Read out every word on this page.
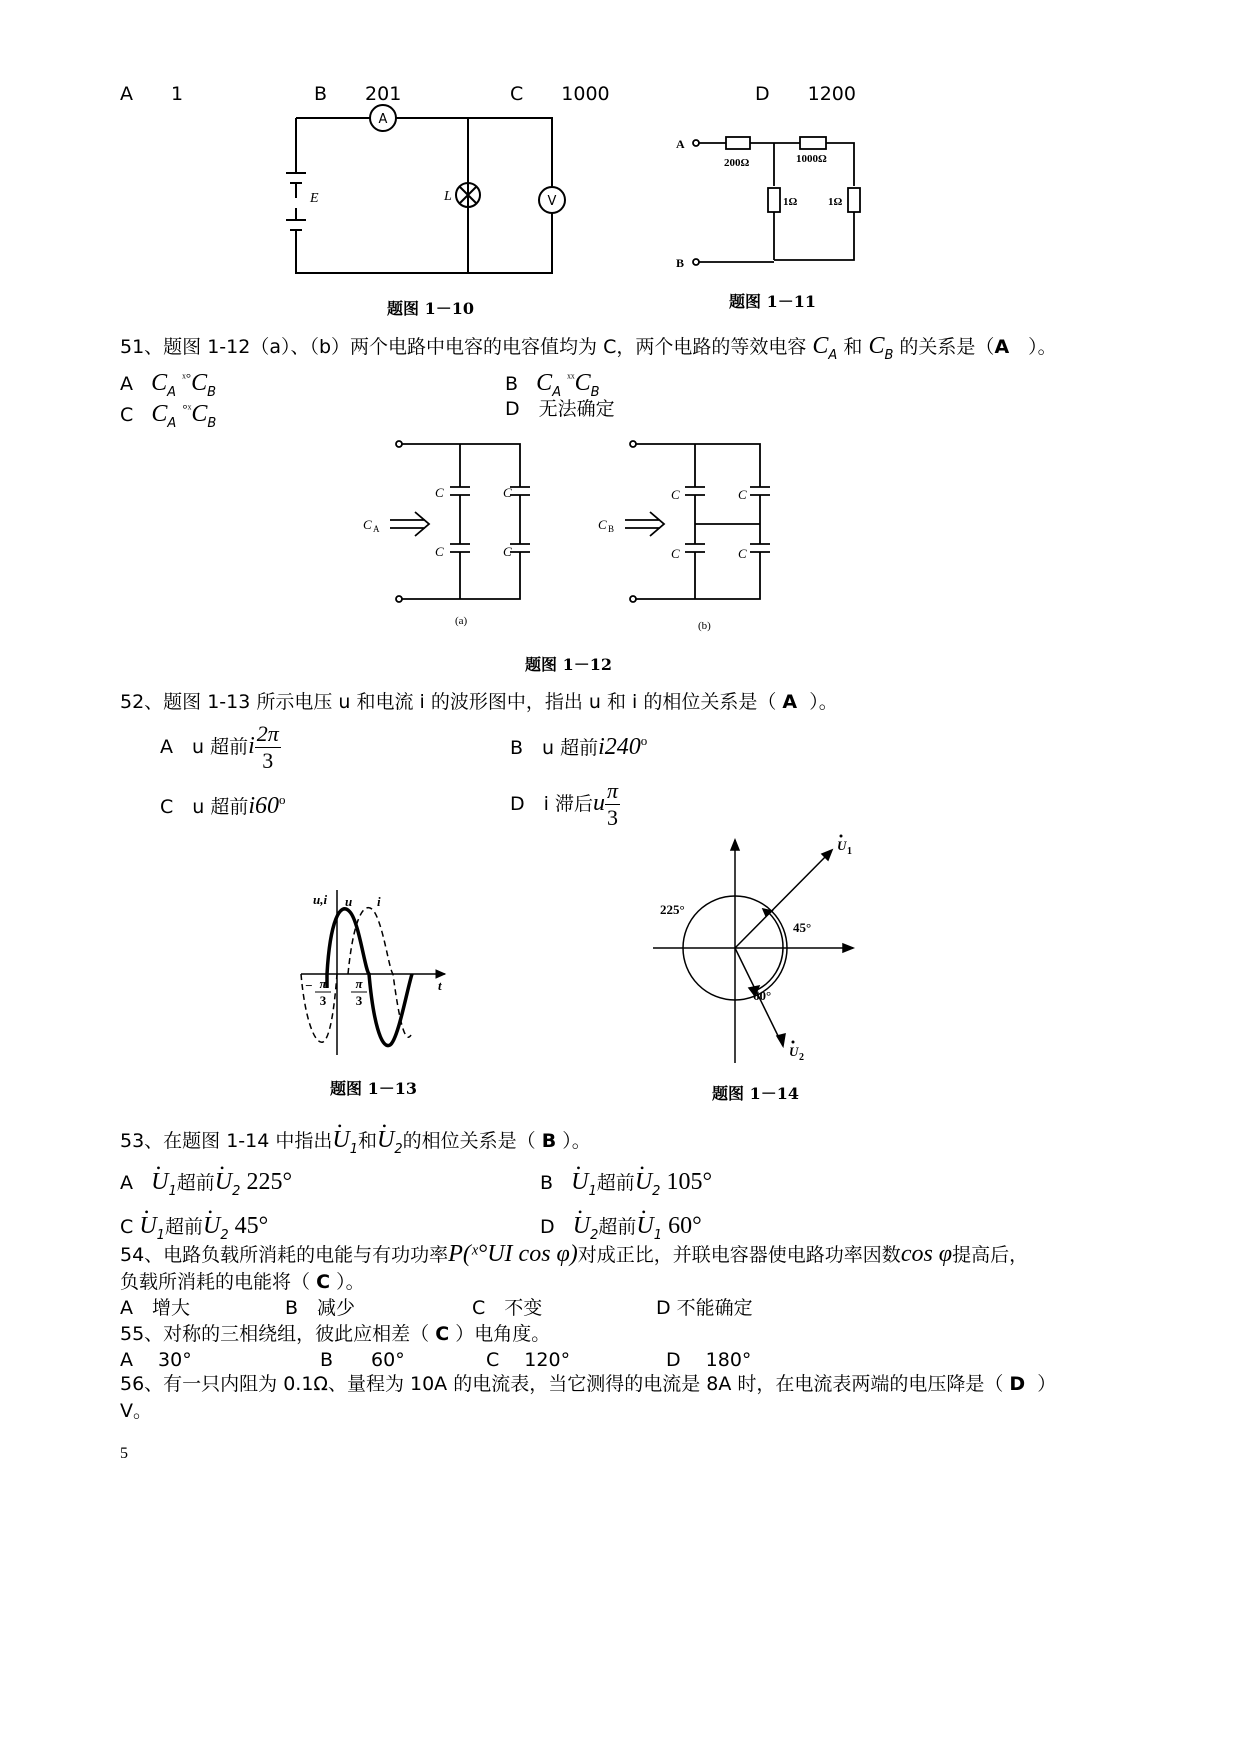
A　　1	B　　201	C　　1000	D　　1200
A
V
E	L
题图 1－10
A
B
200Ω	1000Ω
1Ω	1Ω
题图 1－11
51、题图 1-12（a）、（b）两个电路中电容的电容值均为 C，两个电路的等效电容 $C_A$ 和 $C_B$ 的关系是（A　 ）。
A $C_A$ $^{ˣ^\circ}C_B$	B $C_A$ $^{ˣˣ}C_B$
C $C_A$ $^{^\circ ˣ}C_B$
D　无法确定
C	C
C	C
C	C
C	C
C A	C B
(a)	(b)
题图 1－12
52、题图 1-13 所示电压 u 和电流 i 的波形图中，指出 u 和 i 的相位关系是（ A ）。
A　u 超前i $\frac{2\pi}{3}$	B　u 超前i240$^o$
C　u 超前i60$^o$	D　i 滞后u $\frac{\pi}{3}$
u,i u i
t
− π
3
π
3
题图 1－13
225°
45°
60°
U 1
U 2
题图 1－14
53、在题图 1-14 中指出• $U_1$和• $U_2$的相位关系是（ B ）。
A • $U_1$超前• $U_2$ 225°	B • $U_1$超前• $U_2$ 105°
C • $U_1$超前• $U_2$ 45°	D • $U_2$超前• $U_1$ 60°
54、电路负载所消耗的电能与有功功率P(ˣ°UI cos φ)对成正比，并联电容器使电路功率因数cos φ提高后，
负载所消耗的电能将（ C ）。
A　增大	B　减少	C　不变	D 不能确定
55、对称的三相绕组，彼此应相差（ C ）电角度。
A　 30°	B　　60°	C　 120°	D　 180°
56、有一只内阻为 0.1Ω、量程为 10A 的电流表，当它测得的电流是 8A 时，在电流表两端的电压降是（ D ）
V。
5
